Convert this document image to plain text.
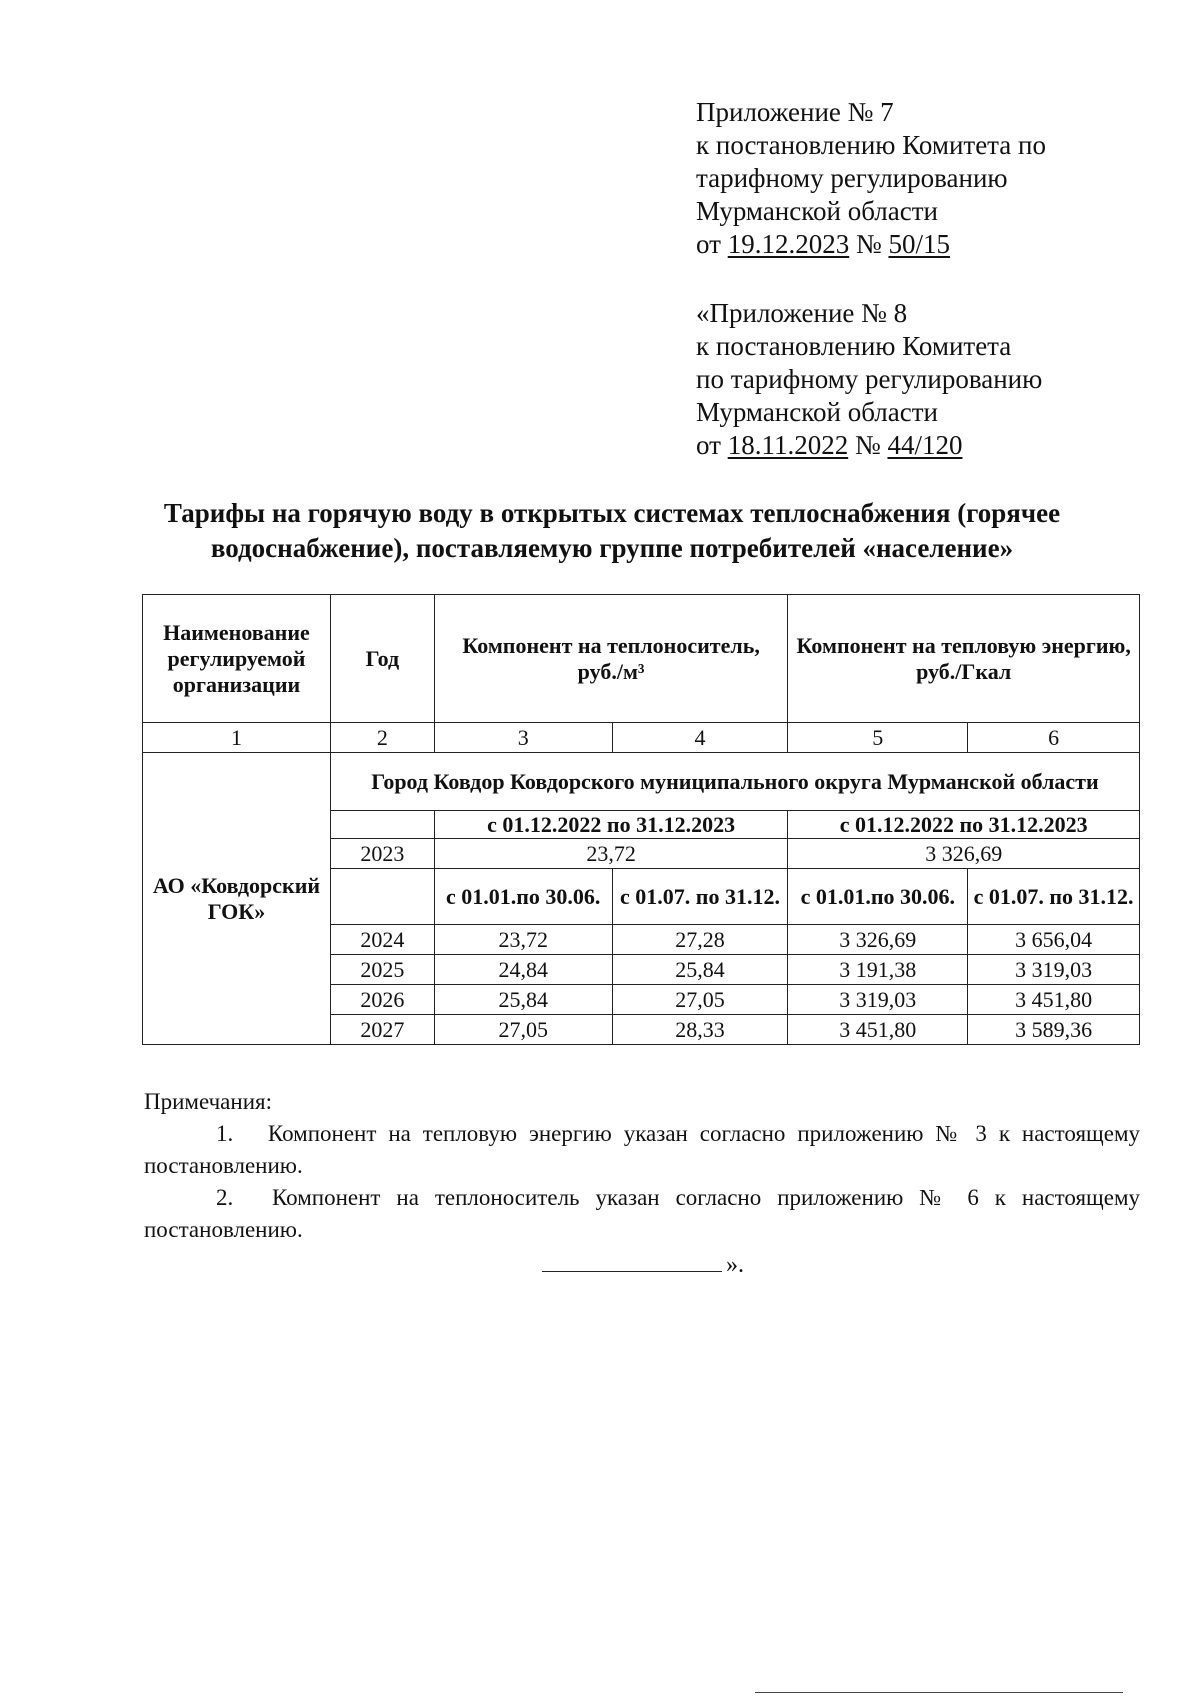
Приложение № 7
к постановлению Комитета по
тарифному регулированию
Мурманской области
от 19.12.2023 № 50/15
«Приложение № 8
к постановлению Комитета
по тарифному регулированию
Мурманской области
от 18.11.2022 № 44/120
Тарифы на горячую воду в открытых системах теплоснабжения (горячее водоснабжение), поставляемую группе потребителей «население»
Наименование регулируемой организации	Год	Компонент на теплоноситель, руб./м³		Компонент на тепловую энергию, руб./Гкал	
1	2	3	4	5	6
АО «Ковдорский ГОК»	Город Ковдор Ковдорского муниципального округа Мурманской области				
		с 01.12.2022 по 31.12.2023		с 01.12.2022 по 31.12.2023	
	2023	23,72		3 326,69	
		с 01.01.по 30.06.	с 01.07. по 31.12.	с 01.01.по 30.06.	с 01.07. по 31.12.
	2024	23,72	27,28	3 326,69	3 656,04
	2025	24,84	25,84	3 191,38	3 319,03
	2026	25,84	27,05	3 319,03	3 451,80
	2027	27,05	28,33	3 451,80	3 589,36
Примечания:
1. Компонент на тепловую энергию указан согласно приложению № 3 к настоящему постановлению.
2. Компонент на теплоноситель указан согласно приложению № 6 к настоящему постановлению.
».
